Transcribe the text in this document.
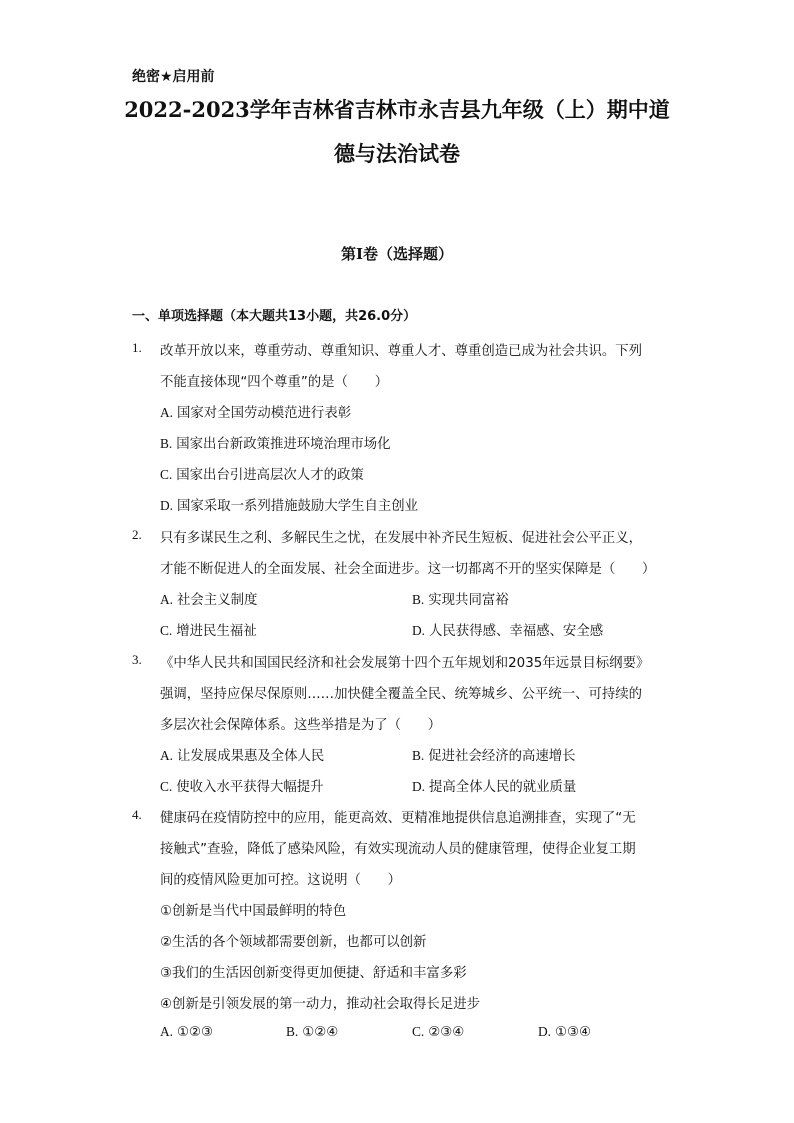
绝密★启用前
2022-2023学年吉林省吉林市永吉县九年级（上）期中道
德与法治试卷
第I卷（选择题）
一、单项选择题（本大题共13小题，共26.0分）
1. 改革开放以来，尊重劳动、尊重知识、尊重人才、尊重创造已成为社会共识。下列
不能直接体现“四个尊重”的是（　　）
A. 国家对全国劳动模范进行表彰
B. 国家出台新政策推进环境治理市场化
C. 国家出台引进高层次人才的政策
D. 国家采取一系列措施鼓励大学生自主创业
2. 只有多谋民生之利、多解民生之忧，在发展中补齐民生短板、促进社会公平正义，
才能不断促进人的全面发展、社会全面进步。这一切都离不开的坚实保障是（　　）
A. 社会主义制度	B. 实现共同富裕
C. 增进民生福祉	D. 人民获得感、幸福感、安全感
3. 《中华人民共和国国民经济和社会发展第十四个五年规划和2035年远景目标纲要》
强调，坚持应保尽保原则……加快健全覆盖全民、统筹城乡、公平统一、可持续的
多层次社会保障体系。这些举措是为了（　　）
A. 让发展成果惠及全体人民	B. 促进社会经济的高速增长
C. 使收入水平获得大幅提升	D. 提高全体人民的就业质量
4. 健康码在疫情防控中的应用，能更高效、更精准地提供信息追溯排查，实现了“无
接触式”查验，降低了感染风险，有效实现流动人员的健康管理，使得企业复工期
间的疫情风险更加可控。这说明（　　）
①创新是当代中国最鲜明的特色
②生活的各个领域都需要创新，也都可以创新
③我们的生活因创新变得更加便捷、舒适和丰富多彩
④创新是引领发展的第一动力，推动社会取得长足进步
A. ①②③	B. ①②④	C. ②③④	D. ①③④
